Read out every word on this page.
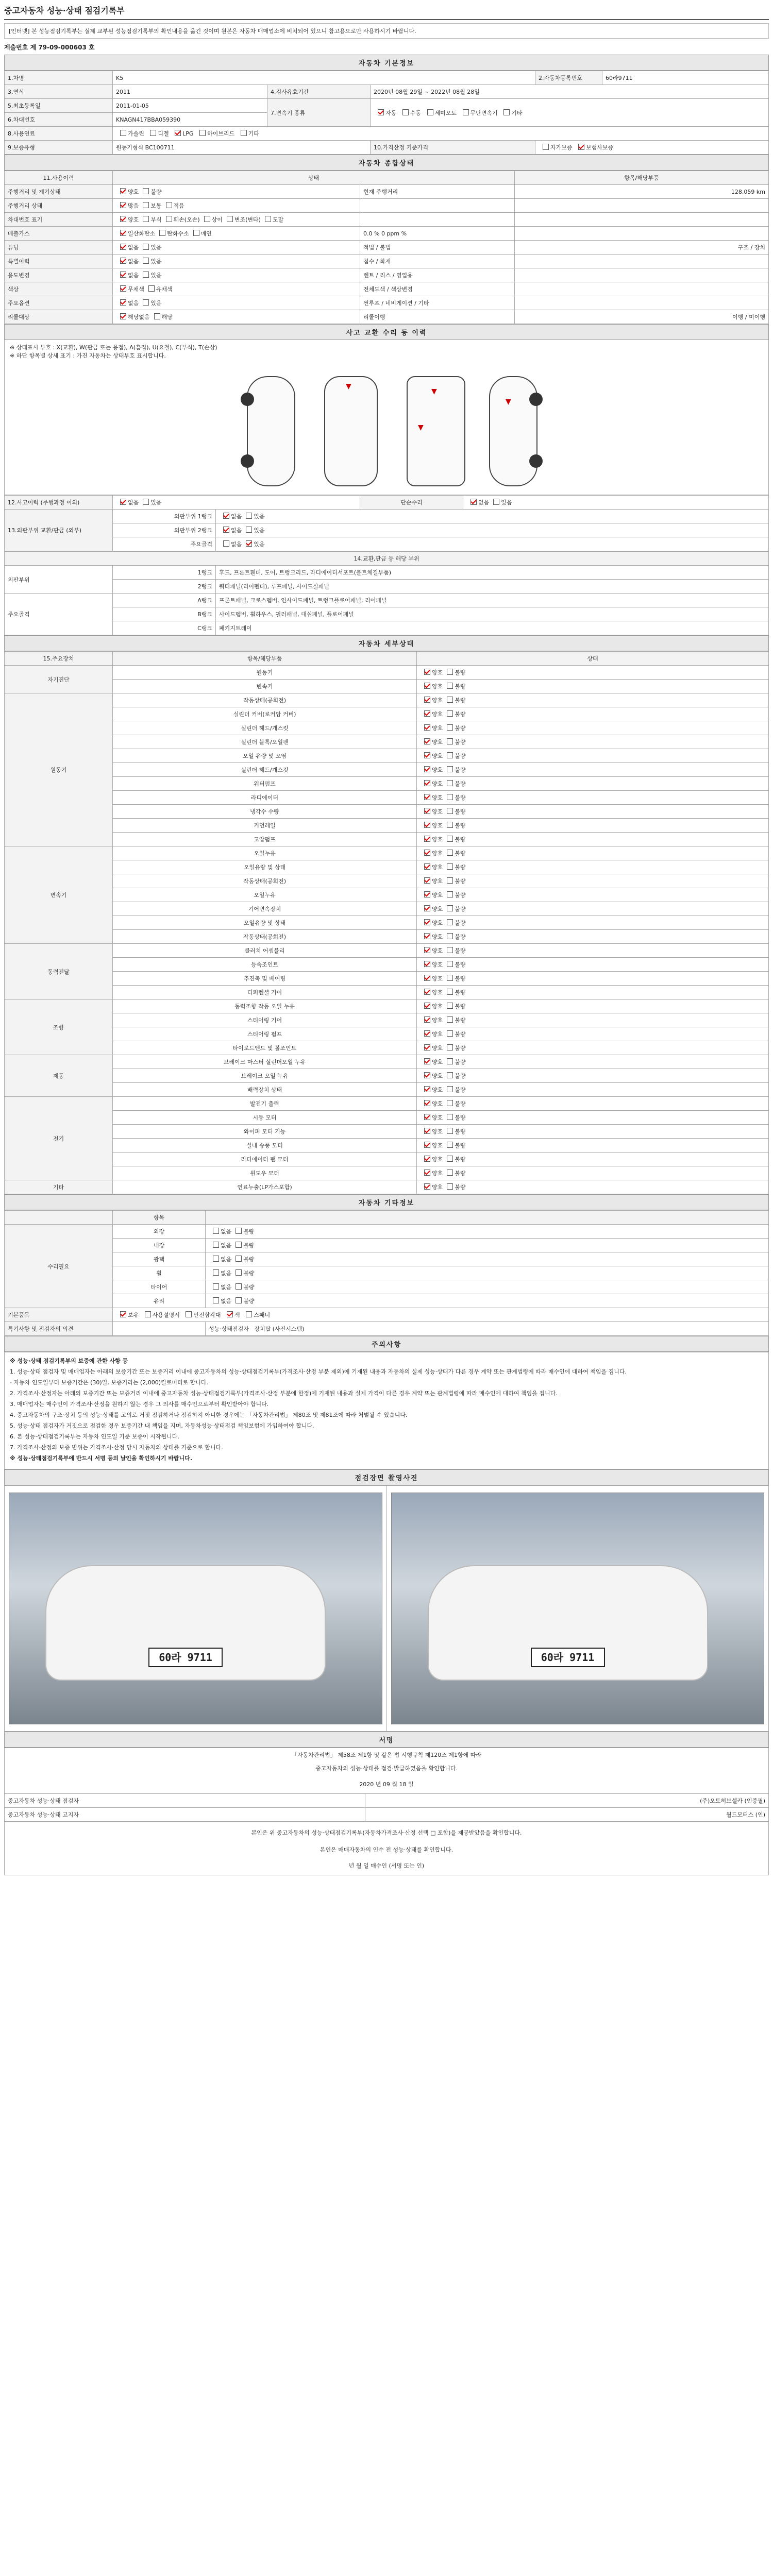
중고자동차 성능·상태 점검기록부
[인터넷] 본 성능점검기록부는 실제 교부된 성능점검기록부의 확인내용을 옮긴 것이며 원본은 자동차 매매업소에 비치되어 있으니 참고용으로만 사용하시기 바랍니다.
제출번호 제 79-09-000603 호
자동차 기본정보
1.차명	K5			2.자동차등록번호	60라9711
3.연식	2011	4.검사유효기간	2020년 08월 29일 ~ 2022년 08월 28일		
5.최초등록일	2011-01-05	7.변속기 종류	자동 수동 세미오토 무단변속기 기타		
6.차대번호	KNAGN417BBA059390				
8.사용연료	가솔린 디젤 LPG 하이브리드 기타				
9.보증유형	원동기형식 BC100711		10.가격산정 기준가격	자가보증 보험사보증	
자동차 종합상태
11.사용이력	상태		항목/해당부품
주행거리 및 계기상태	양호 불량	현재 주행거리	128,059 km
주행거리 상태	많음 보통 적음		
차대번호 표기	양호 부식 훼손(오손) 상이 변조(변타) 도말		
배출가스	일산화탄소 탄화수소 매연	0.0 % 0 ppm %	
튜닝	없음 있음	적법 / 불법	구조 / 장치
특별이력	없음 있음	침수 / 화재	
용도변경	없음 있음	렌트 / 리스 / 영업용	
색상	무채색 유채색	전체도색 / 색상변경	
주요옵션	없음 있음	썬루프 / 네비게이션 / 기타	
리콜대상	해당없음 해당	리콜이행	이행 / 미이행
사고 교환 수리 등 이력
※ 상태표시 부호 : X(교환), W(판금 또는 용접), A(흠집), U(요철), C(부식), T(손상)
※ 하단 항목별 상세 표기 : 가진 자동차는 상태부호 표시합니다.
▼
▼
▼
▼
12.사고이력 (주행과정 이외)	없음 있음		단순수리	없음 있음
13.외판부위 교환/판금 (외부)	외판부위 1랭크	없음 있음		
	외판부위 2랭크	없음 있음		
	주요골격	없음 있음		
14.교환,판금 등 해당 부위		
외판부위	1랭크	후드, 프론트휀더, 도어, 트렁크리드, 라디에이터서포트(볼트체결부품)
	2랭크	쿼터패널(리어펜더), 루프패널, 사이드실패널
주요골격	A랭크	프론트패널, 크로스멤버, 인사이드패널, 트렁크플로어패널, 리어패널
	B랭크	사이드멤버, 휠하우스, 필러패널, 대쉬패널, 플로어패널
	C랭크	패키지트레이
자동차 세부상태
15.주요장치	항목/해당부품	상태
자기진단	원동기	양호 불량
	변속기	양호 불량
원동기	작동상태(공회전)	양호 불량
	실린더 커버(로커암 커버)	양호 불량
	실린더 헤드/개스킷	양호 불량
	실린더 블록/오일팬	양호 불량
	오일 유량 및 오염	양호 불량
	실린더 헤드/개스킷	양호 불량
	워터펌프	양호 불량
	라디에이터	양호 불량
	냉각수 수량	양호 불량
	커먼레일	양호 불량
	고압펌프	양호 불량
변속기	오일누유	양호 불량
	오일유량 및 상태	양호 불량
	작동상태(공회전)	양호 불량
	오일누유	양호 불량
	기어변속장치	양호 불량
	오일유량 및 상태	양호 불량
	작동상태(공회전)	양호 불량
동력전달	클러치 어셈블리	양호 불량
	등속조인트	양호 불량
	추진축 및 베어링	양호 불량
	디퍼렌셜 기어	양호 불량
조향	동력조향 작동 오일 누유	양호 불량
	스티어링 기어	양호 불량
	스티어링 펌프	양호 불량
	타이로드엔드 및 볼조인트	양호 불량
제동	브레이크 마스터 실린더오일 누유	양호 불량
	브레이크 오일 누유	양호 불량
	배력장치 상태	양호 불량
전기	발전기 출력	양호 불량
	시동 모터	양호 불량
	와이퍼 모터 기능	양호 불량
	실내 송풍 모터	양호 불량
	라디에이터 팬 모터	양호 불량
	윈도우 모터	양호 불량
기타	연료누출(LP가스포함)	양호 불량
자동차 기타정보
	항목	
수리필요	외장	없음 불량
	내장	없음 불량
	광택	없음 불량
	휠	없음 불량
	타이어	없음 불량
	유리	없음 불량
기본품목	보유 사용설명서 안전삼각대 잭 스패너	
특기사항 및 점검자의 의견		성능·상태점검자 장치탑 (사진시스템)
주의사항

※ 성능·상태 점검기록부의 보증에 관한 사항 등

1. 성능·상태 점검자 및 매매업자는 아래의 보증기간 또는 보증거리 이내에 중고자동차의 성능·상태점검기록부(가격조사·산정 부분 제외)에 기재된 내용과 자동차의 실제 성능·상태가 다른 경우 계약 또는 관계법령에 따라 매수인에 대하여 책임을 집니다.

- 자동차 인도일부터 보증기간은 (30)일, 보증거리는 (2,000)킬로미터로 합니다.

2. 가격조사·산정자는 아래의 보증기간 또는 보증거리 이내에 중고자동차 성능·상태점검기록부(가격조사·산정 부분에 한정)에 기재된 내용과 실제 가격이 다른 경우 계약 또는 관계법령에 따라 매수인에 대하여 책임을 집니다.

3. 매매업자는 매수인이 가격조사·산정을 원하지 않는 경우 그 의사를 매수인으로부터 확인받아야 합니다.

4. 중고자동차의 구조·장치 등의 성능·상태를 고의로 거짓 점검하거나 점검하지 아니한 경우에는 「자동차관리법」 제80조 및 제81조에 따라 처벌될 수 있습니다.

5. 성능·상태 점검자가 거짓으로 점검한 경우 보증기간 내 책임을 지며, 자동차성능·상태점검 책임보험에 가입하여야 합니다.

6. 본 성능·상태점검기록부는 자동차 인도일 기준 보증이 시작됩니다.

7. 가격조사·산정의 보증 범위는 가격조사·산정 당시 자동차의 상태를 기준으로 합니다.

※ 성능·상태점검기록부에 반드시 서명 등의 날인을 확인하시기 바랍니다.

점검장면 촬영사진
60라 9711	60라 9711
서명
「자동차관리법」 제58조 제1항 및 같은 법 시행규칙 제120조 제1항에 따라
중고자동차의 성능·상태를 점검·발급하였음을 확인합니다.
2020 년 09 월 18 일
중고자동차 성능·상태 점검자	(주)오토허브셀카 (인증필)
중고자동차 성능·상태 고지자	월드모터스 (인)
본인은 위 중고자동차의 성능·상태점검기록부(자동차가격조사·산정 선택 □ 포함)을 제공받았음을 확인합니다.
본인은 매매자동차의 인수 전 성능·상태를 확인합니다.
년 월 일 매수인 (서명 또는 인)
